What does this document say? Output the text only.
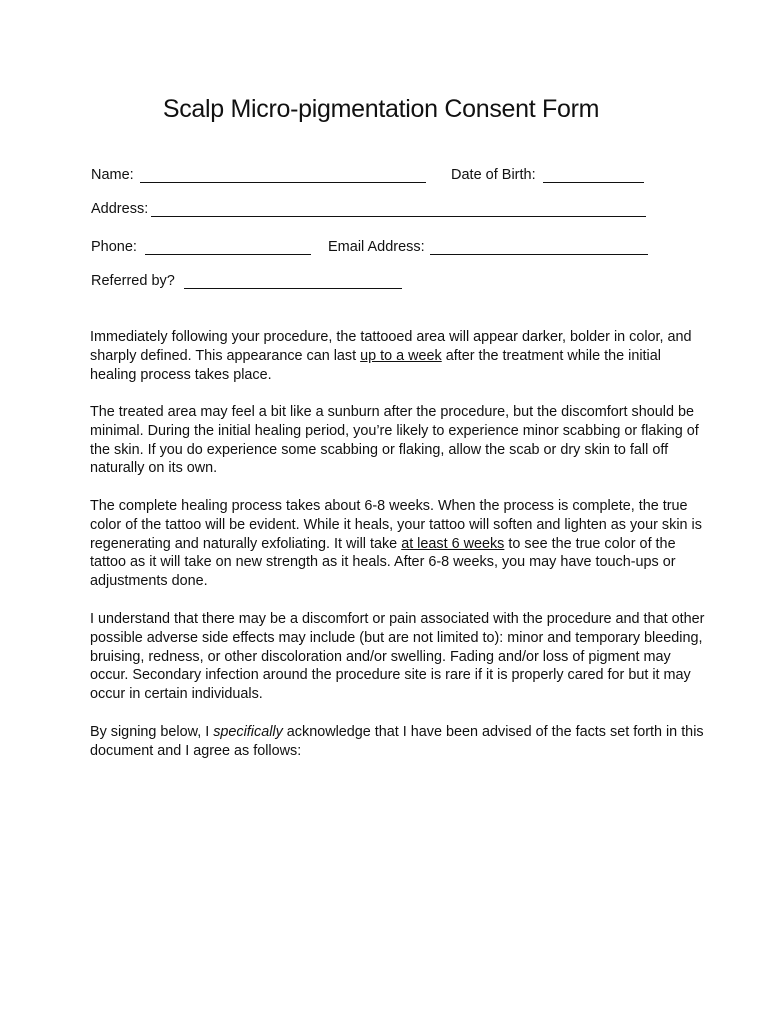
Scalp Micro-pigmentation Consent Form
Name:	Date of Birth:
Address:
Phone:	Email Address:
Referred by?

Immediately following your procedure, the tattooed area will appear darker, bolder in color, and sharply defined. This appearance can last up to a week after the treatment while the initial healing process takes place.

The treated area may feel a bit like a sunburn after the procedure, but the discomfort should be minimal. During the initial healing period, you’re likely to experience minor scabbing or flaking of the skin. If you do experience some scabbing or flaking, allow the scab or dry skin to fall off naturally on its own.

The complete healing process takes about 6-8 weeks. When the process is complete, the true color of the tattoo will be evident. While it heals, your tattoo will soften and lighten as your skin is regenerating and naturally exfoliating. It will take at least 6 weeks to see the true color of the tattoo as it will take on new strength as it heals. After 6-8 weeks, you may have touch-ups or adjustments done.

I understand that there may be a discomfort or pain associated with the procedure and that other possible adverse side effects may include (but are not limited to): minor and temporary bleeding, bruising, redness, or other discoloration and/or swelling. Fading and/or loss of pigment may occur. Secondary infection around the procedure site is rare if it is properly cared for but it may occur in certain individuals.

By signing below, I specifically acknowledge that I have been advised of the facts set forth in this document and I agree as follows:
